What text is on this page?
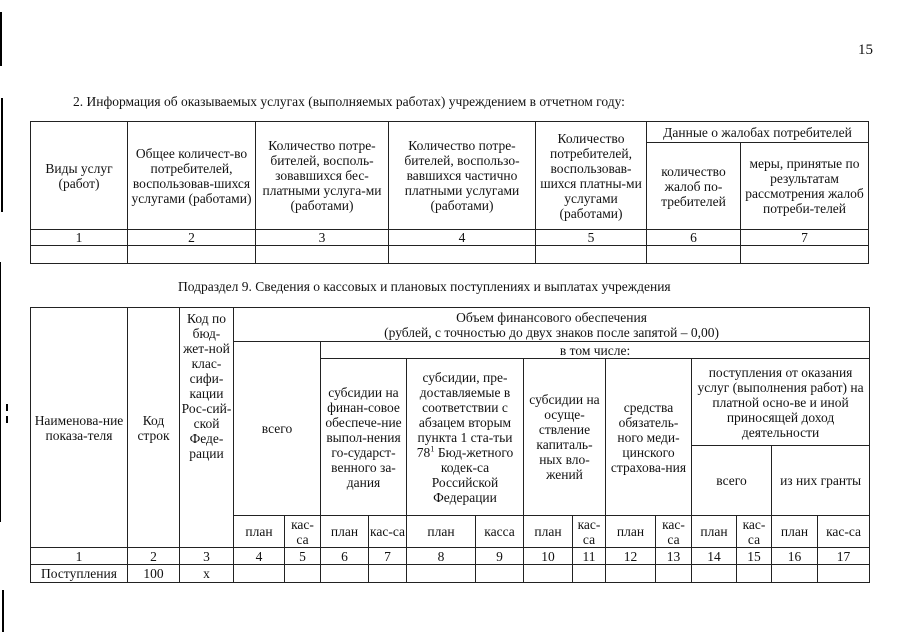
15
2. Информация об оказываемых услугах (выполняемых работах) учреждением в отчетном году:
Виды услуг (работ)	Общее количест-во потребителей, воспользовав-шихся услугами (работами)	Количество потре-бителей, восполь-зовавшихся бес-платными услуга-ми (работами)	Количество потре-бителей, воспользо-вавшихся частично платными услугами (работами)	Количество потребителей, воспользовав-шихся платны-ми услугами (работами)	Данные о жалобах потребителей	
					количество жалоб по-требителей	меры, принятые по результатам рассмотрения жалоб потреби-телей
1	2	3	4	5	6	7

Подраздел 9. Сведения о кассовых и плановых поступлениях и выплатах учреждения
Наименова-ние показа-теля	Код строк	Код по бюд-жет-ной клас-сифи-кации Рос-сий-ской Феде-рации	Объем финансового обеспечения
(рублей, с точностью до двух знаков после запятой – 0,00)													

			всего		в том числе:											
					субсидии на финан-совое обеспече-ние выпол-нения го-сударст-венного за-дания		субсидии, пре-доставляемые в соответствии с абзацем вторым пункта 1 ста-тьи $78^1$ Бюд-жетного кодек-са Российской Федерации		субсидии на осуще-ствление капиталь-ных вло-жений		средства обязатель-ного меди-цинского страхова-ния		поступления от оказания услуг (выполнения работ) на платной осно-ве и иной приносящей доход деятельности			
													всего		из них гранты	
			план	кас-са	план	кас-са	план	касса	план	кас-са	план	кас-са	план	кас-са	план	кас-са
1	2	3	4	5	6	7	8	9	10	11	12	13	14	15	16	17
Поступления	100	х														
